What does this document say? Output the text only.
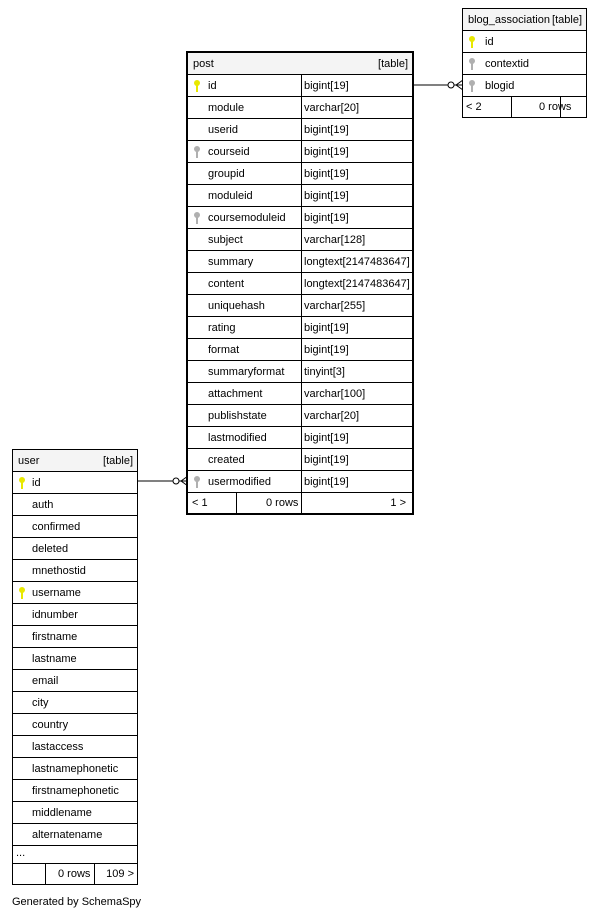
post	[table]
id	bigint[19]
module	varchar[20]
userid	bigint[19]
courseid	bigint[19]
groupid	bigint[19]
moduleid	bigint[19]
coursemoduleid bigint[19]
subject	varchar[128]
summary	longtext[2147483647]
content	longtext[2147483647]
uniquehash	varchar[255]
rating	bigint[19]
format	bigint[19]
summaryformat tinyint[3]
attachment	varchar[100]
publishstate	varchar[20]
lastmodified	bigint[19]
created	bigint[19]
usermodified	bigint[19]
< 1	0 rows	1 >
blog_association [table]
id
contextid
blogid
< 2	0 rows
user	[table]
id
auth
confirmed
deleted
mnethostid
username
idnumber
firstname
lastname
email
city
country
lastaccess
lastnamephonetic
firstnamephonetic
middlename
alternatename
...
0 rows 109 >
Generated by SchemaSpy
